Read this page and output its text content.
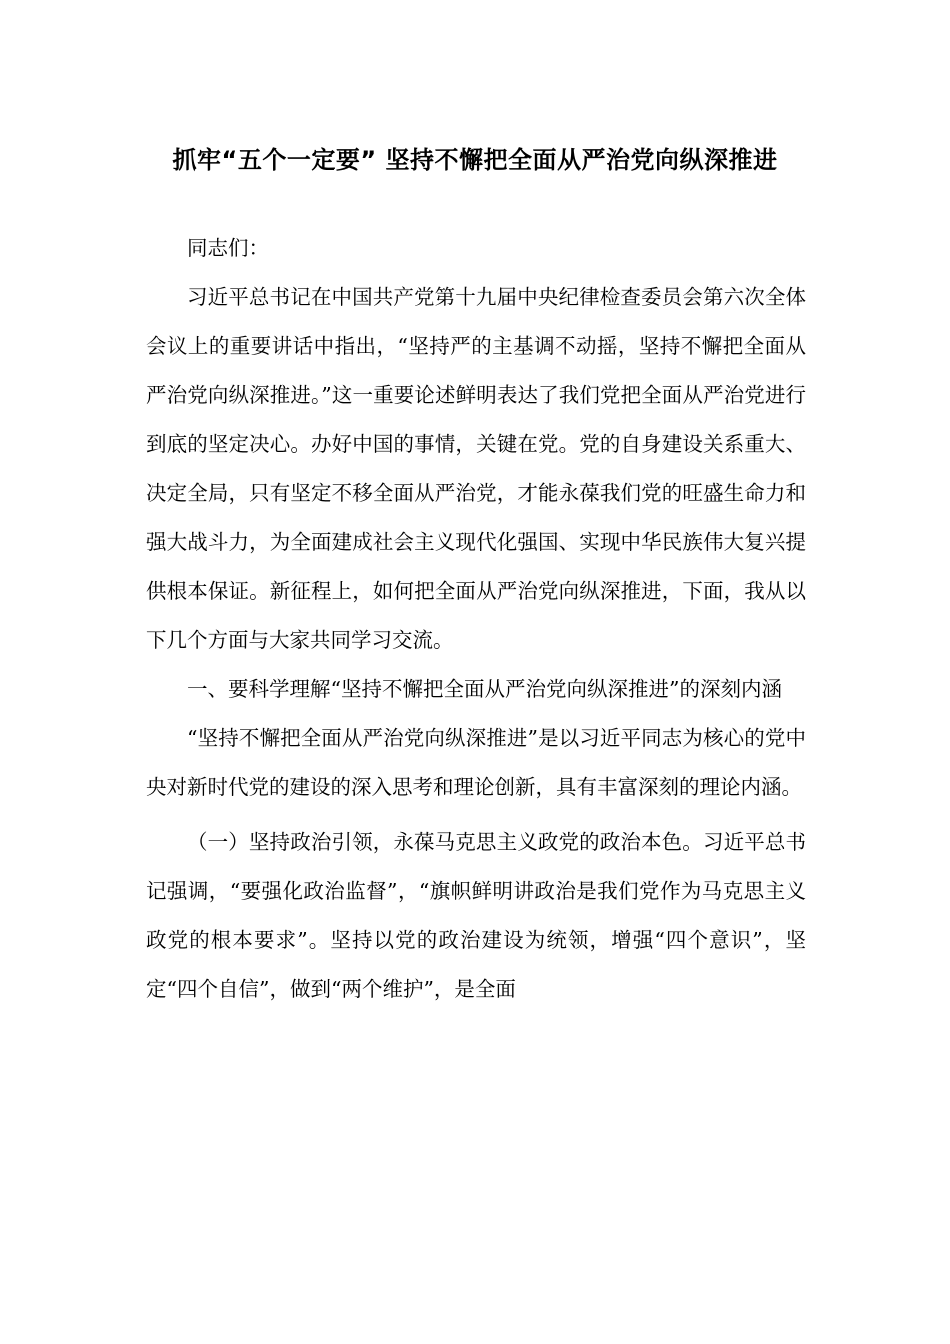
抓牢“五个一定要” 坚持不懈把全面从严治党向纵深推进

同志们：

习近平总书记在中国共产党第十九届中央纪律检查委员会第六次全体会议上的重要讲话中指出，“坚持严的主基调不动摇，坚持不懈把全面从严治党向纵深推进。”这一重要论述鲜明表达了我们党把全面从严治党进行到底的坚定决心。办好中国的事情，关键在党。党的自身建设关系重大、决定全局，只有坚定不移全面从严治党，才能永葆我们党的旺盛生命力和强大战斗力，为全面建成社会主义现代化强国、实现中华民族伟大复兴提供根本保证。新征程上，如何把全面从严治党向纵深推进，下面，我从以下几个方面与大家共同学习交流。

一、要科学理解“坚持不懈把全面从严治党向纵深推进”的深刻内涵

“坚持不懈把全面从严治党向纵深推进”是以习近平同志为核心的党中央对新时代党的建设的深入思考和理论创新，具有丰富深刻的理论内涵。

（一）坚持政治引领，永葆马克思主义政党的政治本色。习近平总书记强调，“要强化政治监督”，“旗帜鲜明讲政治是我们党作为马克思主义政党的根本要求”。坚持以党的政治建设为统领，增强“四个意识”，坚定“四个自信”，做到“两个维护”，是全面
